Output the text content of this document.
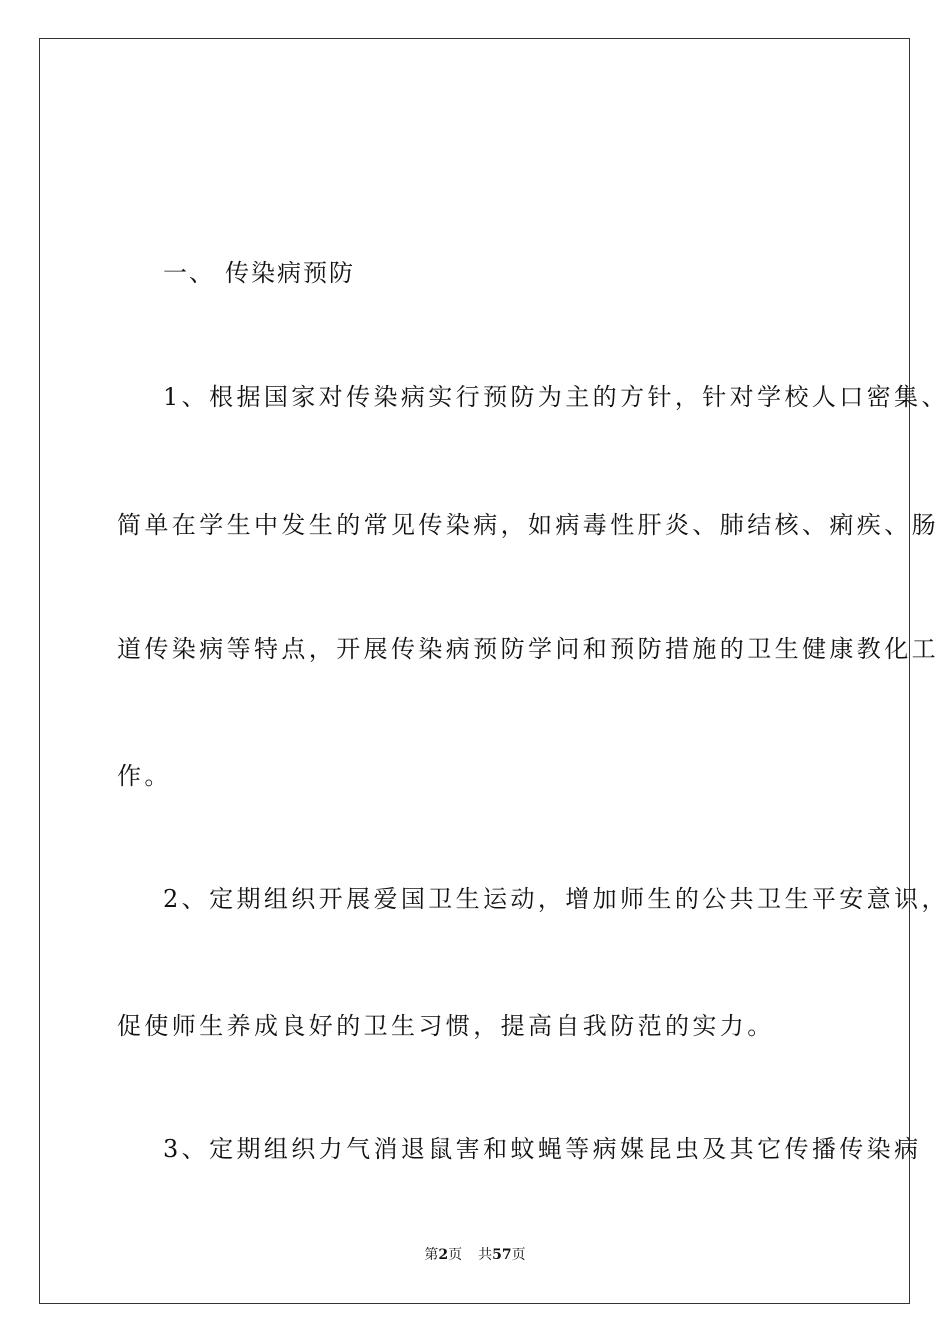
一、 传染病预防
1、根据国家对传染病实行预防为主的方针，针对学校人口密集、
简单在学生中发生的常见传染病，如病毒性肝炎、肺结核、痢疾、肠
道传染病等特点，开展传染病预防学问和预防措施的卫生健康教化工
作。
2、定期组织开展爱国卫生运动，增加师生的公共卫生平安意识，
促使师生养成良好的卫生习惯，提高自我防范的实力。
3、定期组织力气消退鼠害和蚊蝇等病媒昆虫及其它传播传染病
第2页 共57页
